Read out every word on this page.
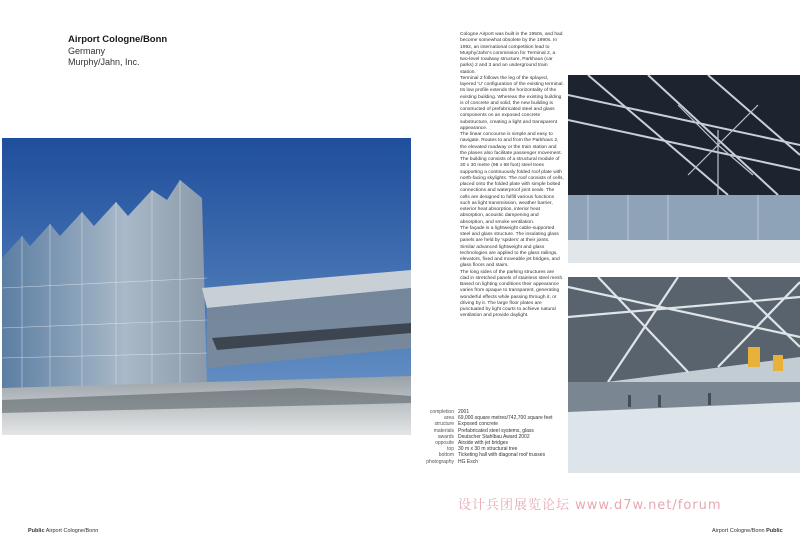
Airport Cologne/Bonn
Germany
Murphy/Jahn, Inc.

Cologne Airport was built in the 1950s, and had become somewhat obsolete by the 1990s. In 1992, an international competition lead to Murphy/Jahn's commission for Terminal 2, a two-level roadway structure, Parkhaus (car parks) 2 and 3 and an underground train station.

Terminal 2 follows the leg of the splayed, layered 'U' configuration of the existing terminal. Its low profile extends the horizontality of the existing building. Whereas the existing building is of concrete and solid, the new building is constructed of prefabricated steel and glass components on an exposed concrete substructure, creating a light and transparent appearance.

The linear concourse is simple and easy to navigate. Routes to and from the Parkhaus 2, the elevated roadway or the train station and the planes also facilitate passenger movement.

The building consists of a structural module of 30 x 30 metre (98 x 98 foot) steel trees supporting a continuously folded roof plate with north-facing skylights. The roof consists of cells, placed onto the folded plate with simple bolted connections and waterproof joint seals. The cells are designed to fulfill various functions such as light transmission, weather barrier, exterior heat absorption, interior heat absorption, acoustic dampening and absorption, and smoke ventilation.

The façade is a lightweight cable-supported steel and glass structure. The insulating glass panels are held by 'spiders' at their joints. Similar advanced lightweight and glass technologies are applied to the glass railings, elevators, fixed and moveable jet bridges, and glass floors and stairs.

The long sides of the parking structures are clad in stretched panels of stainless steel mesh. Based on lighting conditions their appearance varies from opaque to transparent, generating wonderful effects while passing through it, or driving by it. The large floor plates are punctuated by light courts to achieve natural ventilation and provide daylight.

completion 2001
area 69,000 square metres/742,700 square feet
structure Exposed concrete
materials Prefabricated steel systems, glass
awards Deutscher Stahlbau Award 2002
opposite Airside with jet bridges
top 30 m x 30 m structural tree
bottom Ticketing hall with diagonal roof trusses
photography HG Esch
设计兵团展览论坛 www.d7w.net/forum
Public Airport Cologne/Bonn	Airport Cologne/Bonn Public
